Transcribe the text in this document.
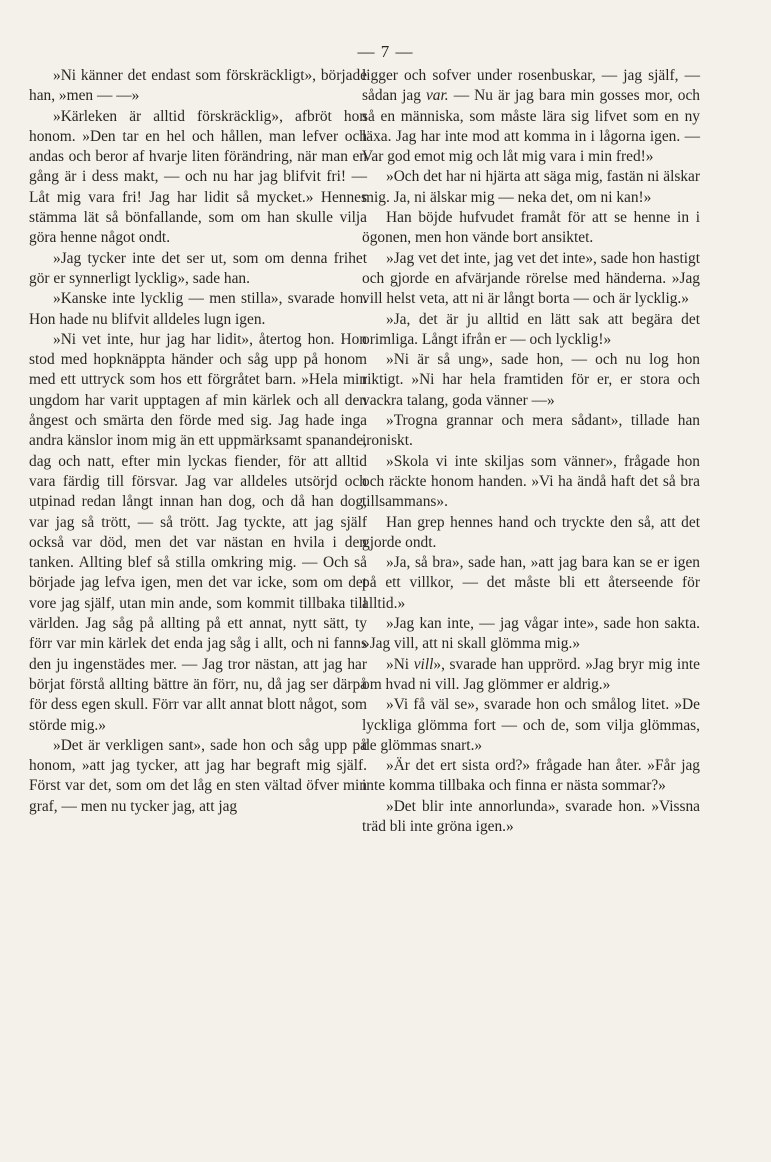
— 7 —

»Ni känner det endast som förskräckligt», började han, »men — —»

»Kärleken är alltid förskräcklig», afbröt hon honom. »Den tar en hel och hållen, man lefver och andas och beror af hvarje liten förändring, när man en gång är i dess makt, — och nu har jag blifvit fri! — Låt mig vara fri! Jag har lidit så mycket.» Hennes stämma lät så bönfallande, som om han skulle vilja göra henne något ondt.

»Jag tycker inte det ser ut, som om denna frihet gör er synnerligt lycklig», sade han.

»Kanske inte lycklig — men stilla», svarade hon. Hon hade nu blifvit alldeles lugn igen.

»Ni vet inte, hur jag har lidit», återtog hon. Hon stod med hopknäppta händer och såg upp på honom med ett uttryck som hos ett förgråtet barn. »Hela min ungdom har varit upptagen af min kärlek och all den ångest och smärta den förde med sig. Jag hade inga andra känslor inom mig än ett uppmärksamt spanande, dag och natt, efter min lyckas fiender, för att alltid vara färdig till försvar. Jag var alldeles utsörjd och utpinad redan långt innan han dog, och då han dog, var jag så trött, — så trött. Jag tyckte, att jag själf också var död, men det var nästan en hvila i den tanken. Allting blef så stilla omkring mig. — Och så började jag lefva igen, men det var icke, som om det vore jag själf, utan min ande, som kommit tillbaka till världen. Jag såg på allting på ett annat, nytt sätt, ty förr var min kärlek det enda jag såg i allt, och ni fanns den ju ingenstädes mer. — Jag tror nästan, att jag har börjat förstå allting bättre än förr, nu, då jag ser därpå för dess egen skull. Förr var allt annat blott något, som störde mig.»

»Det är verkligen sant», sade hon och såg upp på honom, »att jag tycker, att jag har begraft mig själf. Först var det, som om det låg en sten vältad öfver min graf, — men nu tycker jag, att jag

ligger och sofver under rosenbuskar, — jag själf, — sådan jag var. — Nu är jag bara min gosses mor, och så en människa, som måste lära sig lifvet som en ny läxa. Jag har inte mod att komma in i lågorna igen. — Var god emot mig och låt mig vara i min fred!»

»Och det har ni hjärta att säga mig, fastän ni älskar mig. Ja, ni älskar mig — neka det, om ni kan!»

Han böjde hufvudet framåt för att se henne in i ögonen, men hon vände bort ansiktet.

»Jag vet det inte, jag vet det inte», sade hon hastigt och gjorde en afvärjande rörelse med händerna. »Jag vill helst veta, att ni är långt borta — och är lycklig.»

»Ja, det är ju alltid en lätt sak att begära det orimliga. Långt ifrån er — och lycklig!»

»Ni är så ung», sade hon, — och nu log hon riktigt. »Ni har hela framtiden för er, er stora och vackra talang, goda vänner —»

»Trogna grannar och mera sådant», tillade han ironiskt.

»Skola vi inte skiljas som vänner», frågade hon och räckte honom handen. »Vi ha ändå haft det så bra tillsammans».

Han grep hennes hand och tryckte den så, att det gjorde ondt.

»Ja, så bra», sade han, »att jag bara kan se er igen på ett villkor, — det måste bli ett återseende för alltid.»

»Jag kan inte, — jag vågar inte», sade hon sakta. »Jag vill, att ni skall glömma mig.»

»Ni vill», svarade han upprörd. »Jag bryr mig inte om hvad ni vill. Jag glömmer er aldrig.»

»Vi få väl se», svarade hon och smålog litet. »De lyckliga glömma fort — och de, som vilja glömmas, de glömmas snart.»

»Är det ert sista ord?» frågade han åter. »Får jag inte komma tillbaka och finna er nästa sommar?»

»Det blir inte annorlunda», svarade hon. »Vissna träd bli inte gröna igen.»
